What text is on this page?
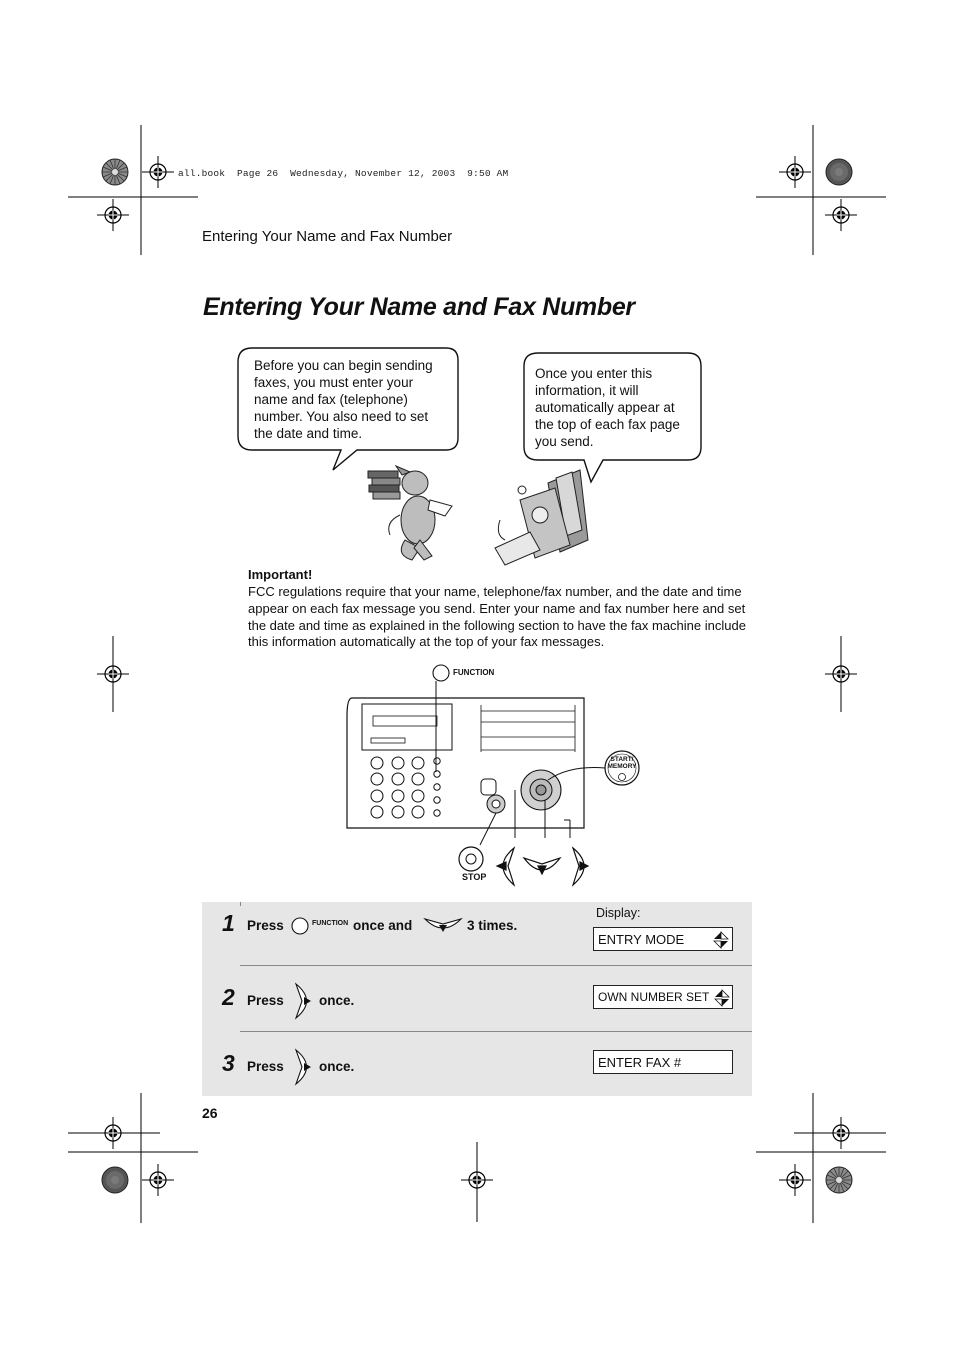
all.book  Page 26  Wednesday, November 12, 2003  9:50 AM
Entering Your Name and Fax Number
Entering Your Name and Fax Number
Before you can begin sending faxes, you must enter your name and fax (telephone) number. You also need to set the date and time.
Once you enter this information, it will automatically appear at the top of each fax page you send.
Important!
FCC regulations require that your name, telephone/fax number, and the date and time appear on each fax message you send. Enter your name and fax number here and set the date and time as explained in the following section to have the fax machine include this information automatically at the top of your fax messages.
FUNCTION
START/ MEMORY
STOP
1 Press	FUNCTION once and	3 times.
Display:
ENTRY MODE
2 Press	once.	OWN NUMBER SET
3 Press	once.	ENTER FAX #
26
